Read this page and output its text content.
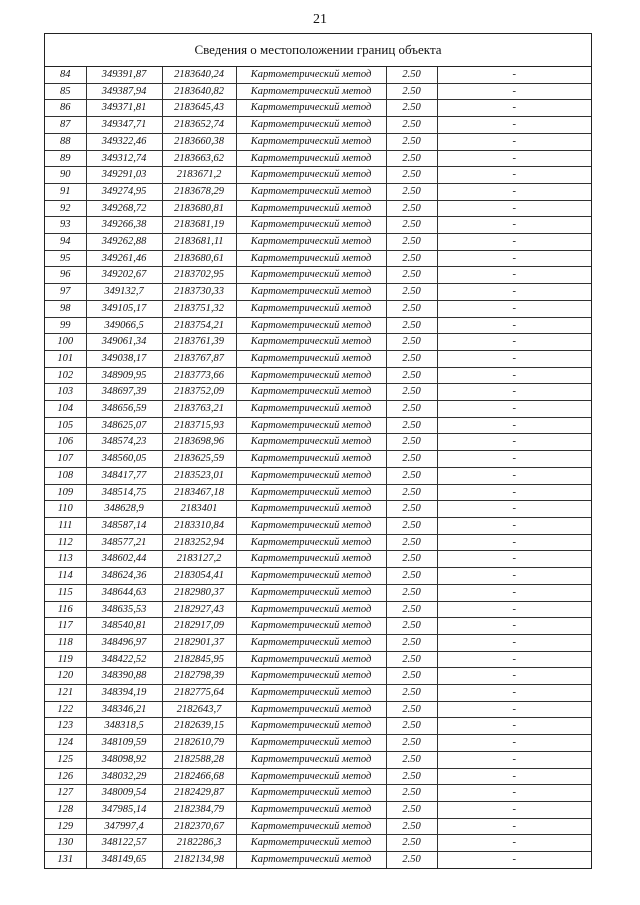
21
Сведения о местоположении границ объекта
84	349391,87	2183640,24	Картометрический метод	2.50	-
85	349387,94	2183640,82	Картометрический метод	2.50	-
86	349371,81	2183645,43	Картометрический метод	2.50	-
87	349347,71	2183652,74	Картометрический метод	2.50	-
88	349322,46	2183660,38	Картометрический метод	2.50	-
89	349312,74	2183663,62	Картометрический метод	2.50	-
90	349291,03	2183671,2	Картометрический метод	2.50	-
91	349274,95	2183678,29	Картометрический метод	2.50	-
92	349268,72	2183680,81	Картометрический метод	2.50	-
93	349266,38	2183681,19	Картометрический метод	2.50	-
94	349262,88	2183681,11	Картометрический метод	2.50	-
95	349261,46	2183680,61	Картометрический метод	2.50	-
96	349202,67	2183702,95	Картометрический метод	2.50	-
97	349132,7	2183730,33	Картометрический метод	2.50	-
98	349105,17	2183751,32	Картометрический метод	2.50	-
99	349066,5	2183754,21	Картометрический метод	2.50	-
100	349061,34	2183761,39	Картометрический метод	2.50	-
101	349038,17	2183767,87	Картометрический метод	2.50	-
102	348909,95	2183773,66	Картометрический метод	2.50	-
103	348697,39	2183752,09	Картометрический метод	2.50	-
104	348656,59	2183763,21	Картометрический метод	2.50	-
105	348625,07	2183715,93	Картометрический метод	2.50	-
106	348574,23	2183698,96	Картометрический метод	2.50	-
107	348560,05	2183625,59	Картометрический метод	2.50	-
108	348417,77	2183523,01	Картометрический метод	2.50	-
109	348514,75	2183467,18	Картометрический метод	2.50	-
110	348628,9	2183401	Картометрический метод	2.50	-
111	348587,14	2183310,84	Картометрический метод	2.50	-
112	348577,21	2183252,94	Картометрический метод	2.50	-
113	348602,44	2183127,2	Картометрический метод	2.50	-
114	348624,36	2183054,41	Картометрический метод	2.50	-
115	348644,63	2182980,37	Картометрический метод	2.50	-
116	348635,53	2182927,43	Картометрический метод	2.50	-
117	348540,81	2182917,09	Картометрический метод	2.50	-
118	348496,97	2182901,37	Картометрический метод	2.50	-
119	348422,52	2182845,95	Картометрический метод	2.50	-
120	348390,88	2182798,39	Картометрический метод	2.50	-
121	348394,19	2182775,64	Картометрический метод	2.50	-
122	348346,21	2182643,7	Картометрический метод	2.50	-
123	348318,5	2182639,15	Картометрический метод	2.50	-
124	348109,59	2182610,79	Картометрический метод	2.50	-
125	348098,92	2182588,28	Картометрический метод	2.50	-
126	348032,29	2182466,68	Картометрический метод	2.50	-
127	348009,54	2182429,87	Картометрический метод	2.50	-
128	347985,14	2182384,79	Картометрический метод	2.50	-
129	347997,4	2182370,67	Картометрический метод	2.50	-
130	348122,57	2182286,3	Картометрический метод	2.50	-
131	348149,65	2182134,98	Картометрический метод	2.50	-
